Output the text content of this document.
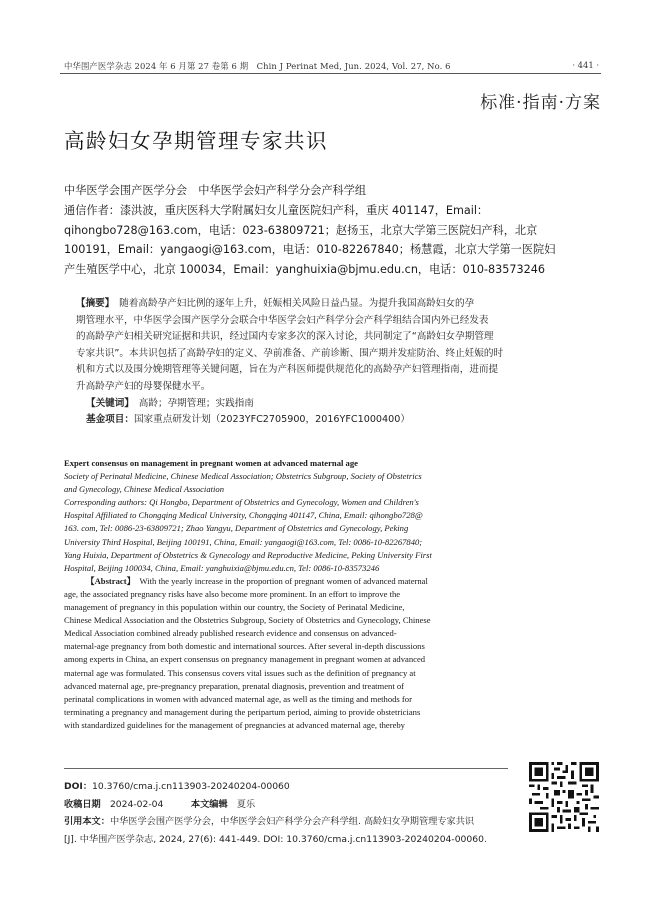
中华围产医学杂志 2024 年 6 月第 27 卷第 6 期　Chin J Perinat Med, Jun. 2024, Vol. 27, No. 6	· 441 ·
标准·指南·方案
高龄妇女孕期管理专家共识
中华医学会围产医学分会　中华医学会妇产科学分会产科学组
通信作者：漆洪波，重庆医科大学附属妇女儿童医院妇产科，重庆 401147，Email：
qihongbo728@163.com，电话：023-63809721；赵扬玉，北京大学第三医院妇产科，北京
100191，Email：yangaogi@163.com，电话：010-82267840；杨慧霞，北京大学第一医院妇
产生殖医学中心，北京 100034，Email：yanghuixia@bjmu.edu.cn，电话：010-83573246
【摘要】　 随着高龄孕产妇比例的逐年上升，妊娠相关风险日益凸显。为提升我国高龄妇女的孕
期管理水平，中华医学会围产医学分会联合中华医学会妇产科学分会产科学组结合国内外已经发表
的高龄孕产妇相关研究证据和共识，经过国内专家多次的深入讨论，共同制定了“高龄妇女孕期管理
专家共识”。本共识包括了高龄孕妇的定义、孕前准备、产前诊断、围产期并发症防治、终止妊娠的时
机和方式以及围分娩期管理等关键问题，旨在为产科医师提供规范化的高龄孕产妇管理指南，进而提
升高龄孕产妇的母婴保健水平。
【关键词】　 高龄；孕期管理；实践指南
基金项目：国家重点研发计划（2023YFC2705900，2016YFC1000400）
Expert consensus on management in pregnant women at advanced maternal age
Society of Perinatal Medicine, Chinese Medical Association; Obstetrics Subgroup, Society of Obstetrics
and Gynecology, Chinese Medical Association
Corresponding authors: Qi Hongbo, Department of Obstetrics and Gynecology, Women and Children's
Hospital Affiliated to Chongqing Medical University, Chongqing 401147, China, Email: qihongbo728@
163. com, Tel: 0086-23-63809721; Zhao Yangyu, Department of Obstetrics and Gynecology, Peking
University Third Hospital, Beijing 100191, China, Email: yangaogi@163.com, Tel: 0086-10-82267840;
Yang Huixia, Department of Obstetrics & Gynecology and Reproductive Medicine, Peking University First
Hospital, Beijing 100034, China, Email: yanghuixia@bjmu.edu.cn, Tel: 0086-10-83573246
【Abstract】　 With the yearly increase in the proportion of pregnant women of advanced maternal
age, the associated pregnancy risks have also become more prominent. In an effort to improve the
management of pregnancy in this population within our country, the Society of Perinatal Medicine,
Chinese Medical Association and the Obstetrics Subgroup, Society of Obstetrics and Gynecology, Chinese
Medical Association combined already published research evidence and consensus on advanced-
maternal-age pregnancy from both domestic and international sources. After several in-depth discussions
among experts in China, an expert consensus on pregnancy management in pregnant women at advanced
maternal age was formulated. This consensus covers vital issues such as the definition of pregnancy at
advanced maternal age, pre-pregnancy preparation, prenatal diagnosis, prevention and treatment of
perinatal complications in women with advanced maternal age, as well as the timing and methods for
terminating a pregnancy and management during the peripartum period, aiming to provide obstetricians
with standardized guidelines for the management of pregnancies at advanced maternal age, thereby
DOI：10.3760/cma.j.cn113903-20240204-00060
收稿日期　 2024-02-04　　　	本文编辑　 夏乐
引用本文：中华医学会围产医学分会，中华医学会妇产科学分会产科学组. 高龄妇女孕期管理专家共识
[J]. 中华围产医学杂志, 2024, 27(6): 441-449. DOI: 10.3760/cma.j.cn113903-20240204-00060.
